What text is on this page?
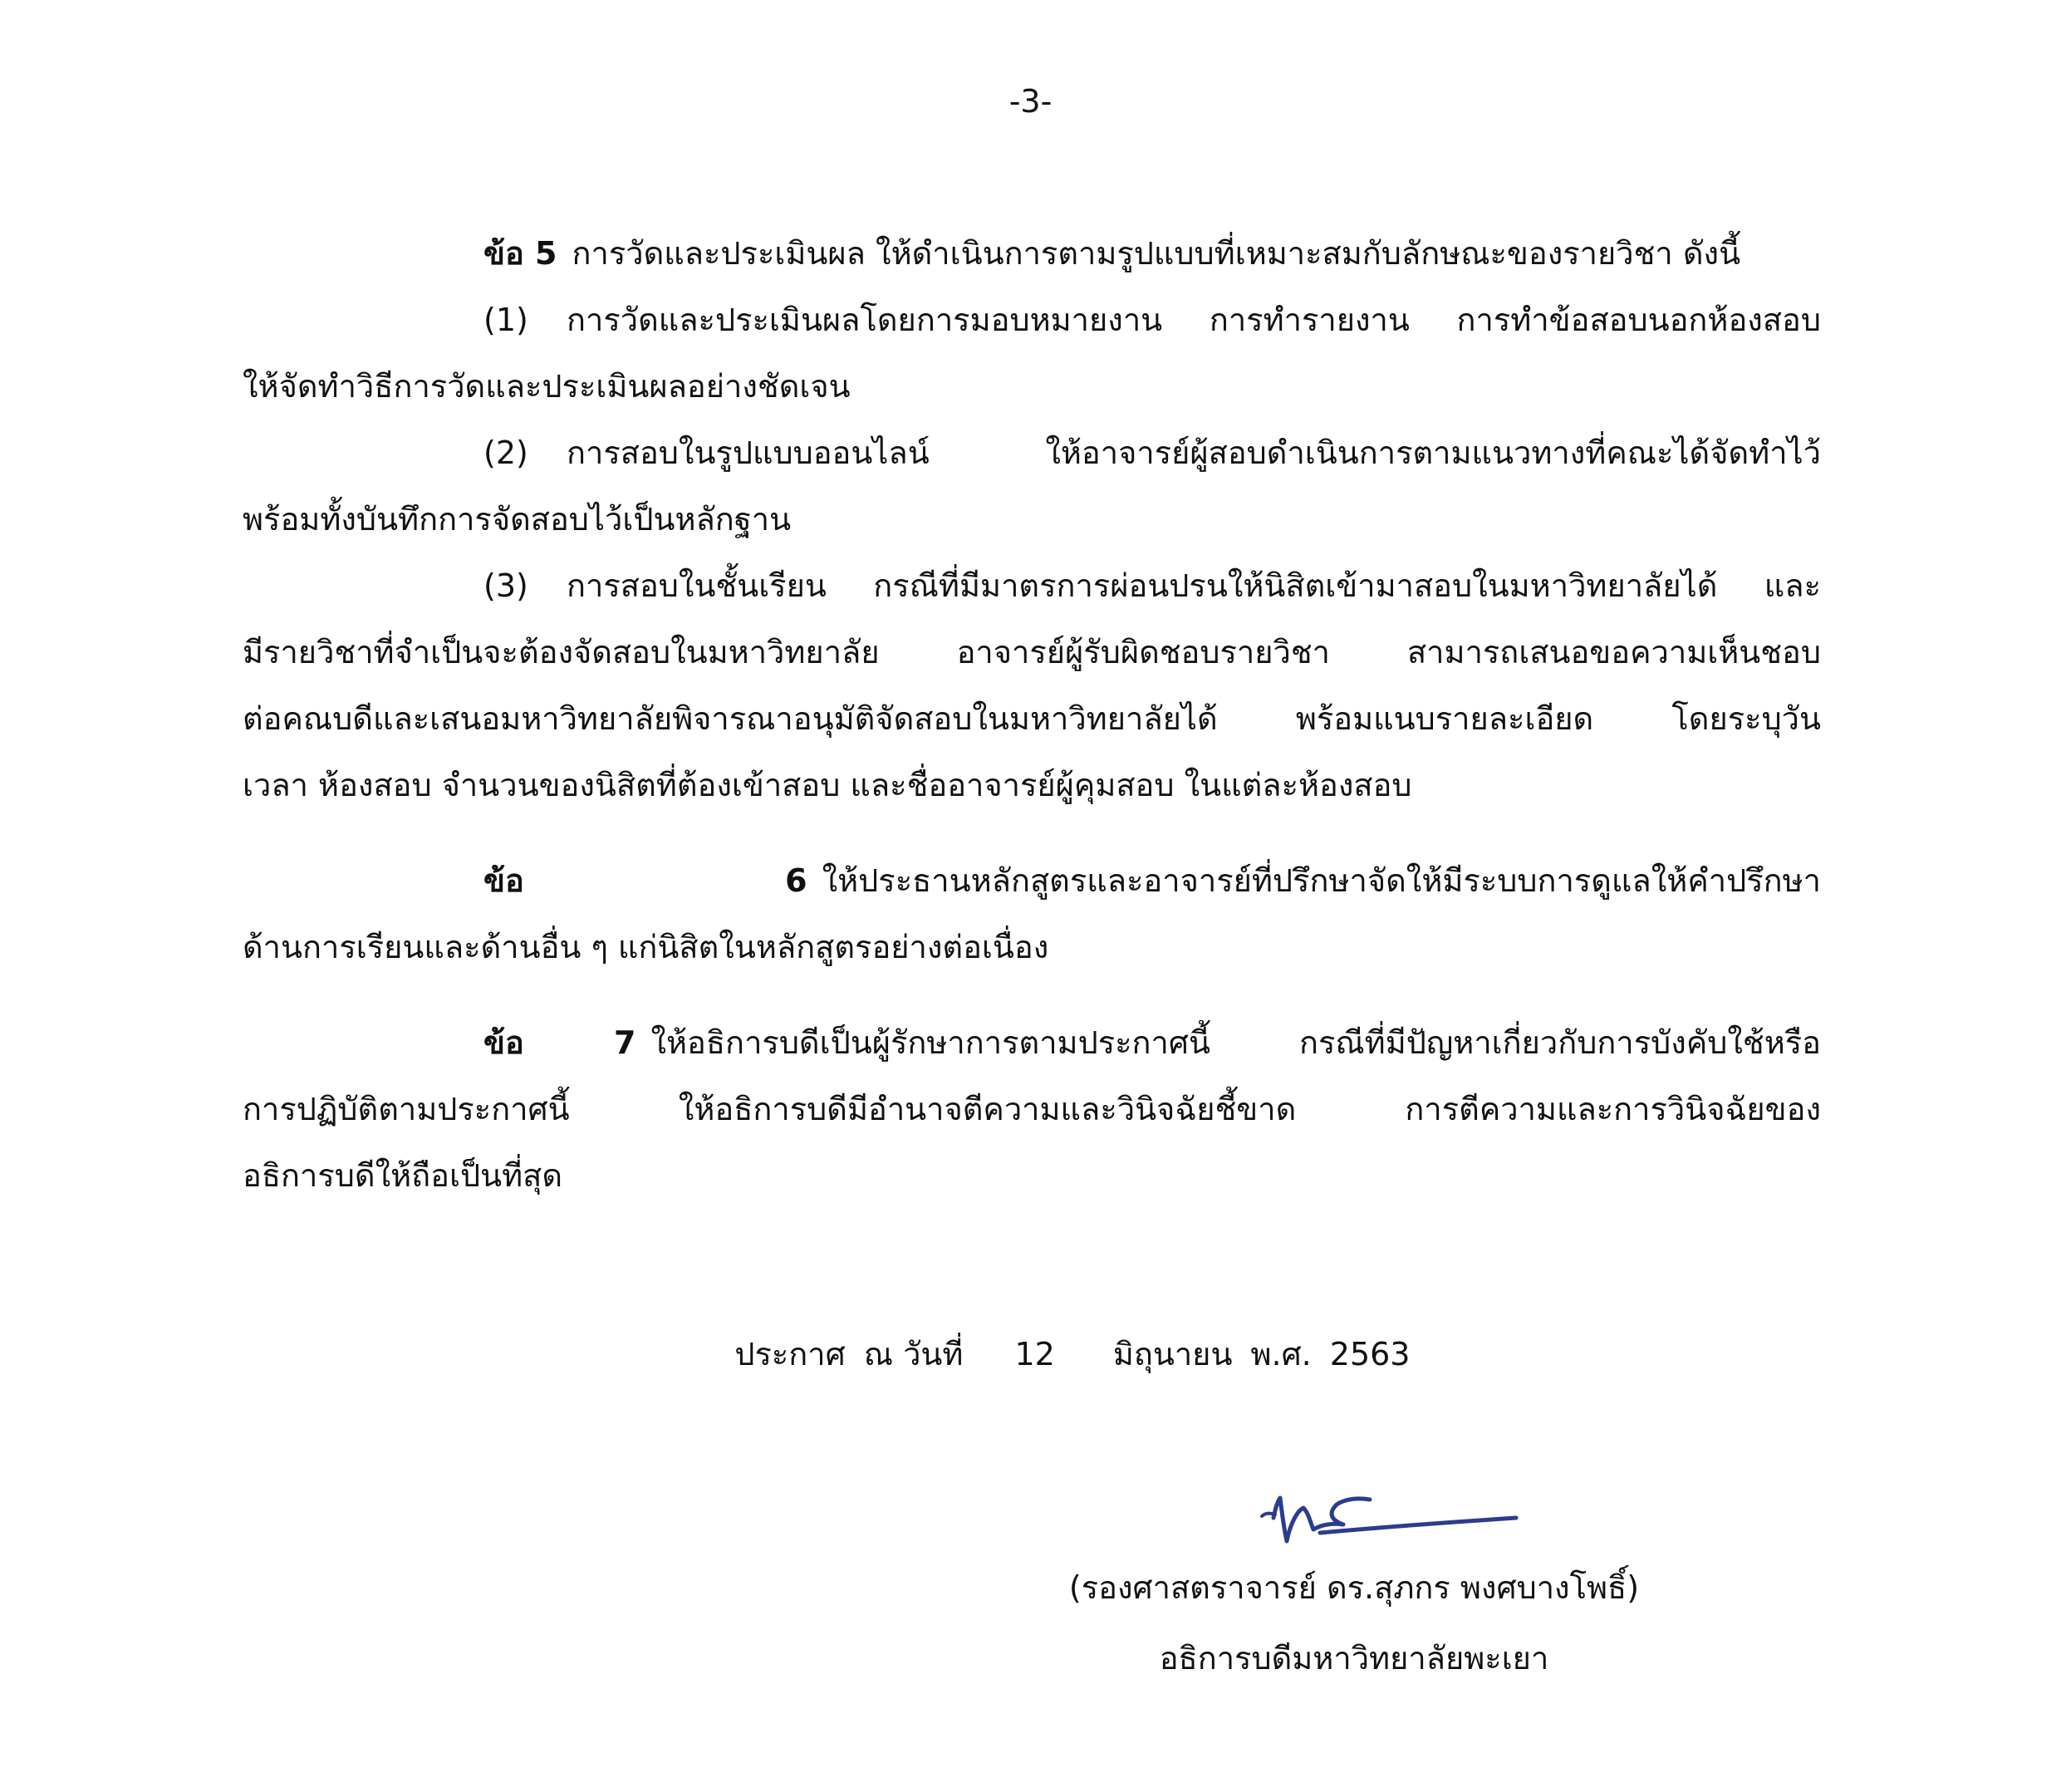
-3-
ข้อ 5 การวัดและประเมินผล ให้ดำเนินการตามรูปแบบที่เหมาะสมกับลักษณะของรายวิชา ดังนี้
(1) การวัดและประเมินผลโดยการมอบหมายงาน การทำรายงาน การทำข้อสอบนอกห้องสอบ
ให้จัดทำวิธีการวัดและประเมินผลอย่างชัดเจน
(2) การสอบในรูปแบบออนไลน์ ให้อาจารย์ผู้สอบดำเนินการตามแนวทางที่คณะได้จัดทำไว้
พร้อมทั้งบันทึกการจัดสอบไว้เป็นหลักฐาน
(3) การสอบในชั้นเรียน กรณีที่มีมาตรการผ่อนปรนให้นิสิตเข้ามาสอบในมหาวิทยาลัยได้ และ
มีรายวิชาที่จำเป็นจะต้องจัดสอบในมหาวิทยาลัย อาจารย์ผู้รับผิดชอบรายวิชา สามารถเสนอขอความเห็นชอบ
ต่อคณบดีและเสนอมหาวิทยาลัยพิจารณาอนุมัติจัดสอบในมหาวิทยาลัยได้ พร้อมแนบรายละเอียด โดยระบุวัน
เวลา ห้องสอบ จำนวนของนิสิตที่ต้องเข้าสอบ และชื่ออาจารย์ผู้คุมสอบ ในแต่ละห้องสอบ
ข้อ 6 ให้ประธานหลักสูตรและอาจารย์ที่ปรึกษาจัดให้มีระบบการดูแลให้คำปรึกษา
ด้านการเรียนและด้านอื่น ๆ แก่นิสิตในหลักสูตรอย่างต่อเนื่อง
ข้อ 7 ให้อธิการบดีเป็นผู้รักษาการตามประกาศนี้ กรณีที่มีปัญหาเกี่ยวกับการบังคับใช้หรือ
การปฏิบัติตามประกาศนี้ ให้อธิการบดีมีอำนาจตีความและวินิจฉัยชี้ขาด การตีความและการวินิจฉัยของ
อธิการบดีให้ถือเป็นที่สุด

ประกาศ ณ วันที่ 12 มิถุนายน พ.ศ. 2563

(รองศาสตราจารย์ ดร.สุภกร พงศบางโพธิ์)
อธิการบดีมหาวิทยาลัยพะเยา
